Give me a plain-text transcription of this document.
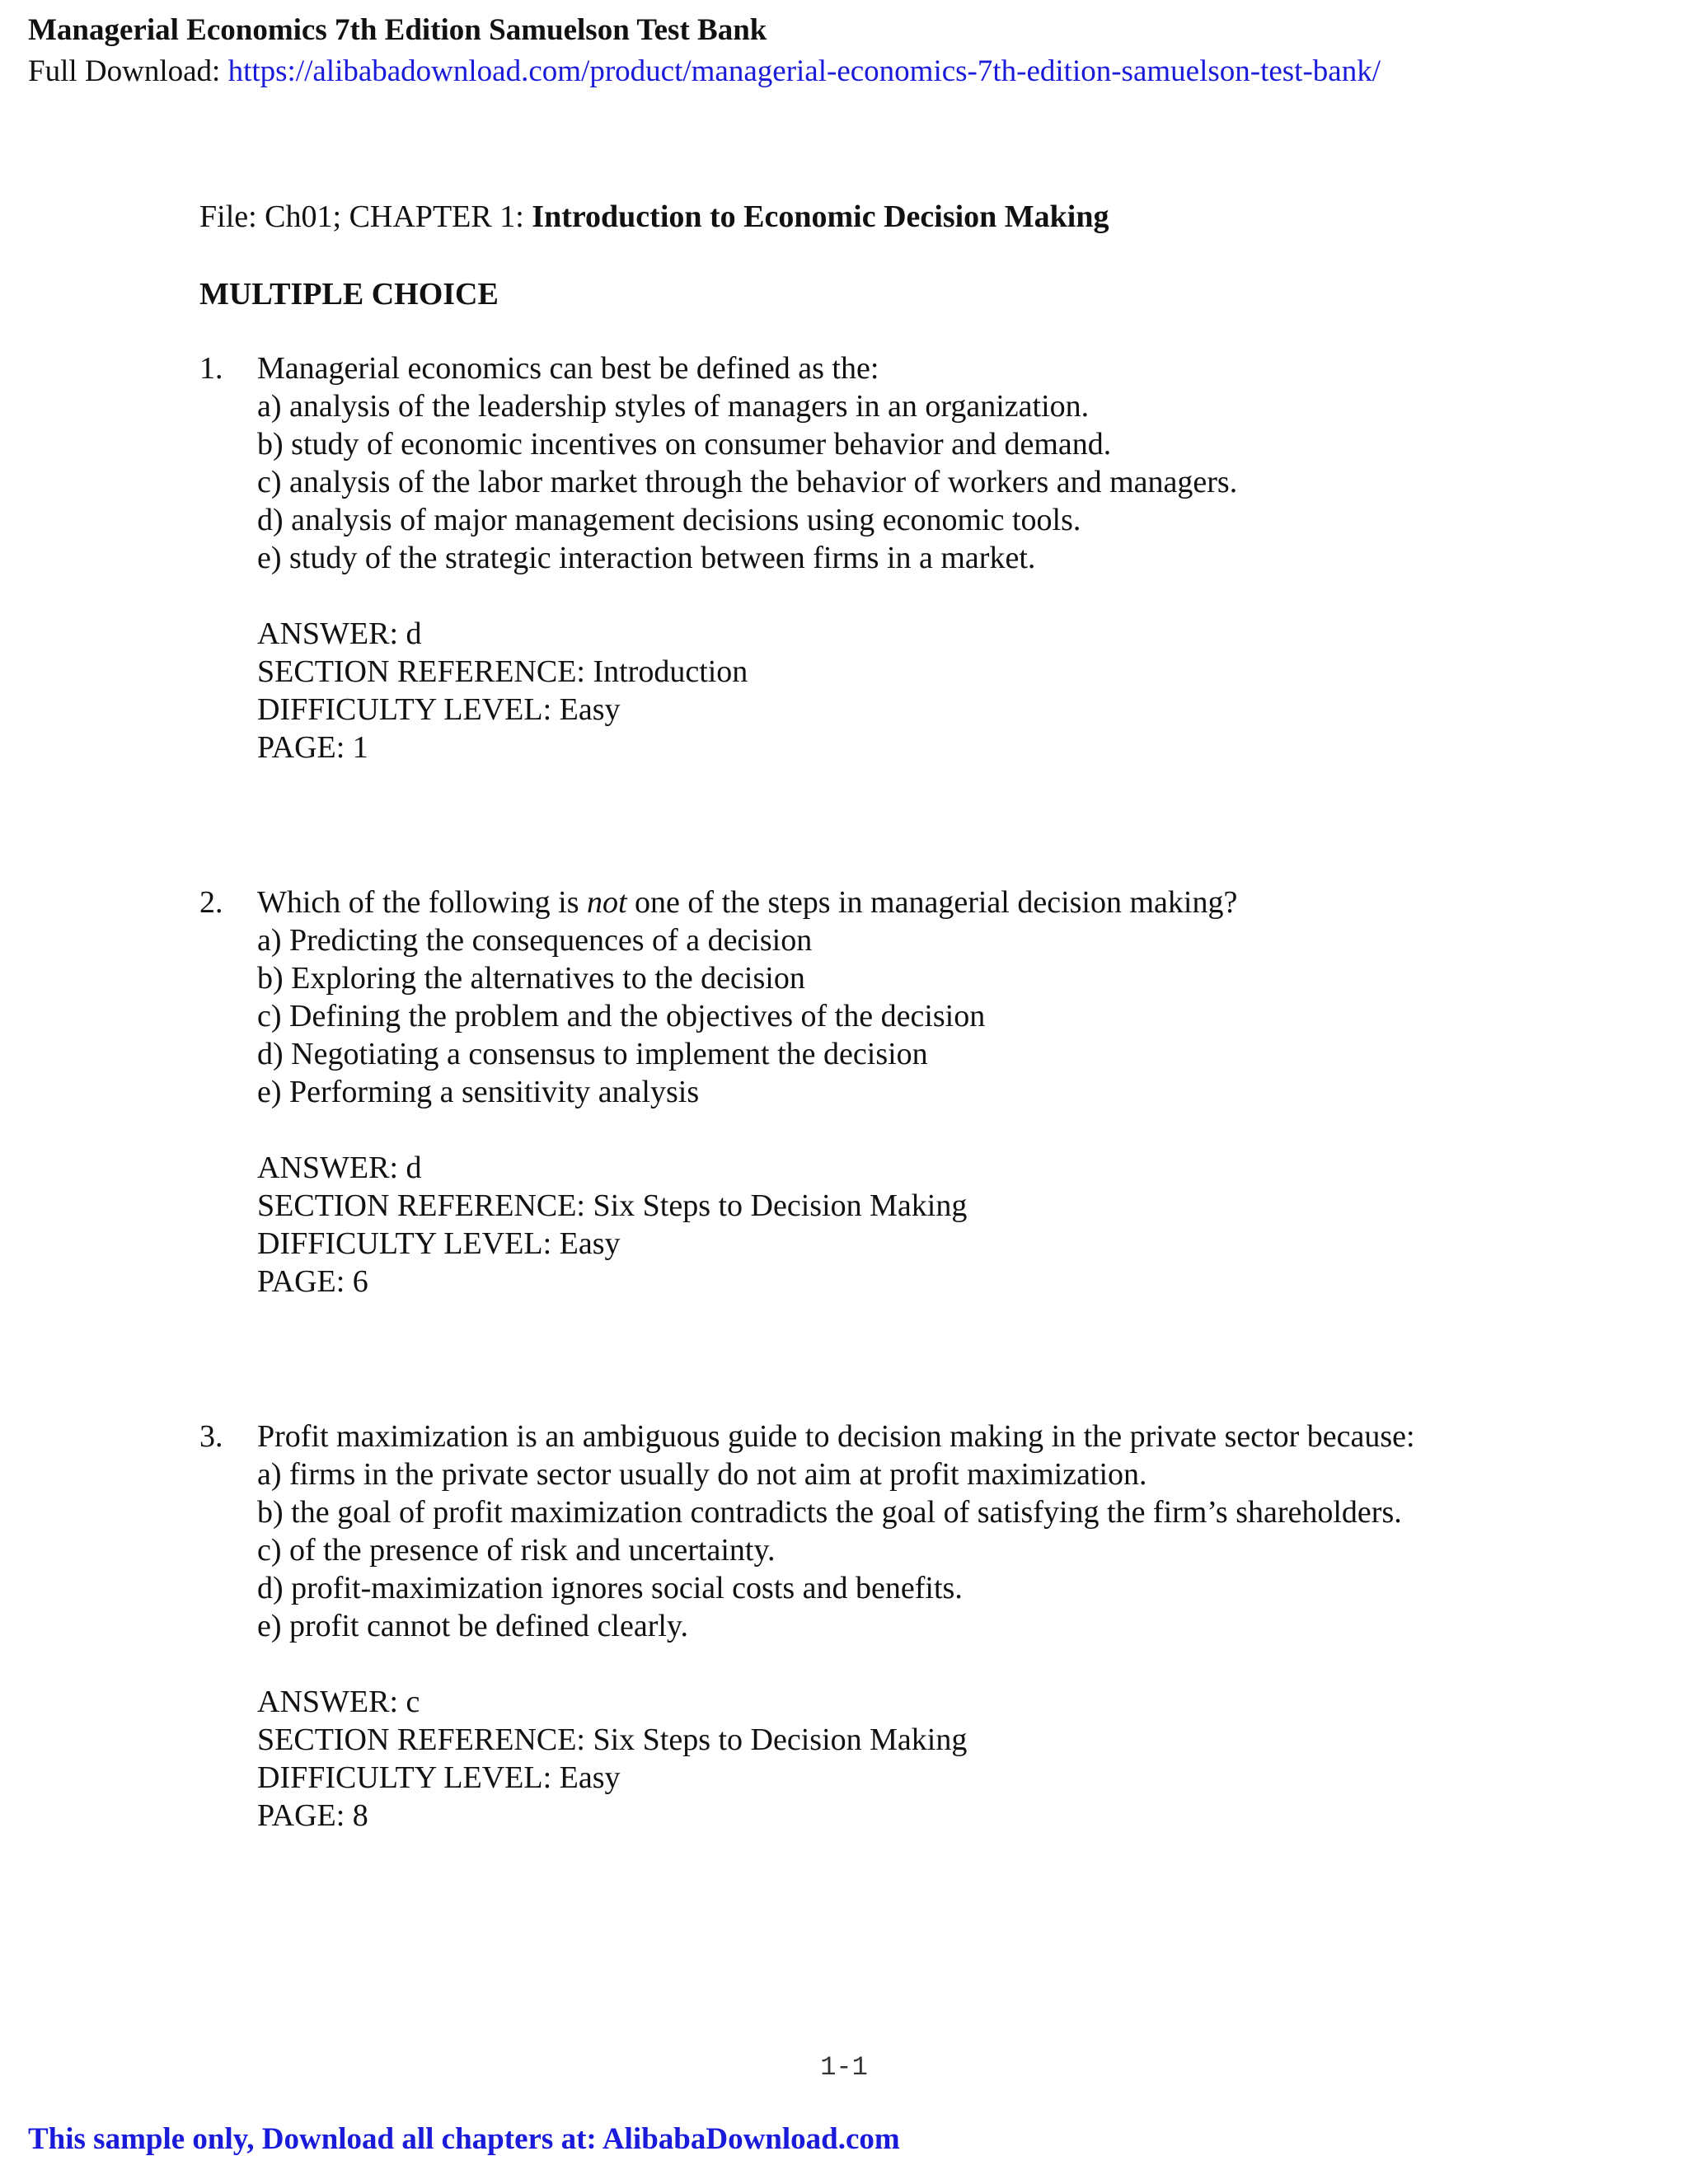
Managerial Economics 7th Edition Samuelson Test Bank
Full Download: https://alibabadownload.com/product/managerial-economics-7th-edition-samuelson-test-bank/
File: Ch01; CHAPTER 1: Introduction to Economic Decision Making
MULTIPLE CHOICE
1.	Managerial economics can best be defined as the:
a) analysis of the leadership styles of managers in an organization.
b) study of economic incentives on consumer behavior and demand.
c) analysis of the labor market through the behavior of workers and managers.
d) analysis of major management decisions using economic tools.
e) study of the strategic interaction between firms in a market.
ANSWER: d
SECTION REFERENCE: Introduction
DIFFICULTY LEVEL: Easy
PAGE: 1
2.	Which of the following is not one of the steps in managerial decision making?
a) Predicting the consequences of a decision
b) Exploring the alternatives to the decision
c) Defining the problem and the objectives of the decision
d) Negotiating a consensus to implement the decision
e) Performing a sensitivity analysis
ANSWER: d
SECTION REFERENCE: Six Steps to Decision Making
DIFFICULTY LEVEL: Easy
PAGE: 6
3.	Profit maximization is an ambiguous guide to decision making in the private sector because:
a) firms in the private sector usually do not aim at profit maximization.
b) the goal of profit maximization contradicts the goal of satisfying the firm’s shareholders.
c) of the presence of risk and uncertainty.
d) profit-maximization ignores social costs and benefits.
e) profit cannot be defined clearly.
ANSWER: c
SECTION REFERENCE: Six Steps to Decision Making
DIFFICULTY LEVEL: Easy
PAGE: 8
1-1
This sample only, Download all chapters at: AlibabaDownload.com
